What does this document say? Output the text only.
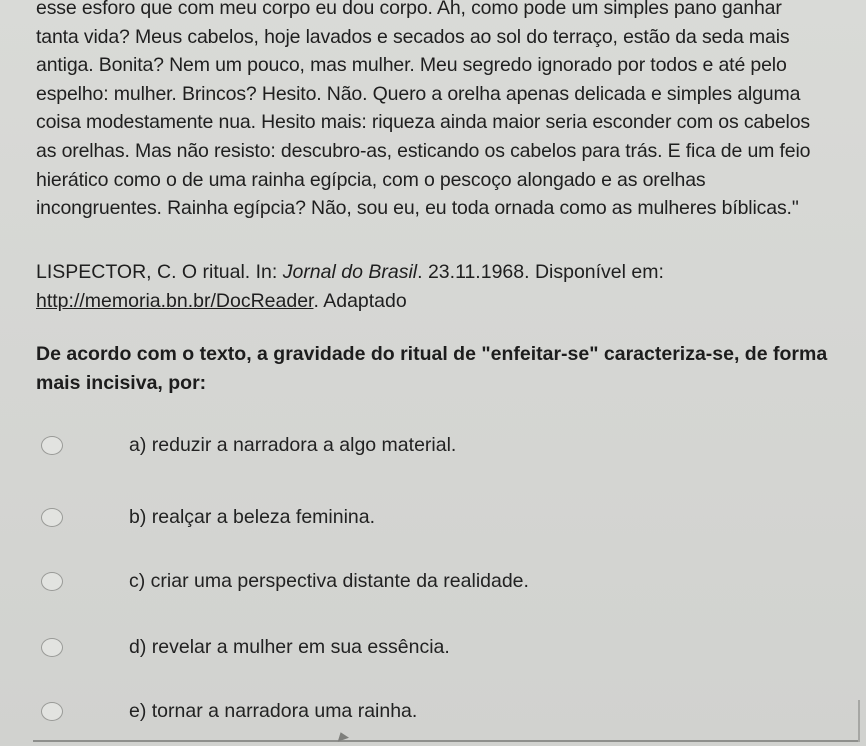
esse esforo que com meu corpo eu dou corpo. Ah, como pode um simples pano ganhar

tanta vida? Meus cabelos, hoje lavados e secados ao sol do terraço, estão da seda mais

antiga. Bonita? Nem um pouco, mas mulher. Meu segredo ignorado por todos e até pelo

espelho: mulher. Brincos? Hesito. Não. Quero a orelha apenas delicada e simples alguma

coisa modestamente nua. Hesito mais: riqueza ainda maior seria esconder com os cabelos

as orelhas. Mas não resisto: descubro-as, esticando os cabelos para trás. E fica de um feio

hierático como o de uma rainha egípcia, com o pescoço alongado e as orelhas

incongruentes. Rainha egípcia? Não, sou eu, eu toda ornada como as mulheres bíblicas."

LISPECTOR, C. O ritual. In: Jornal do Brasil. 23.11.1968. Disponível em:
http://memoria.bn.br/DocReader. Adaptado
De acordo com o texto, a gravidade do ritual de "enfeitar-se" caracteriza-se, de forma mais incisiva, por:
a) reduzir a narradora a algo material.
b) realçar a beleza feminina.
c) criar uma perspectiva distante da realidade.
d) revelar a mulher em sua essência.
e) tornar a narradora uma rainha.
